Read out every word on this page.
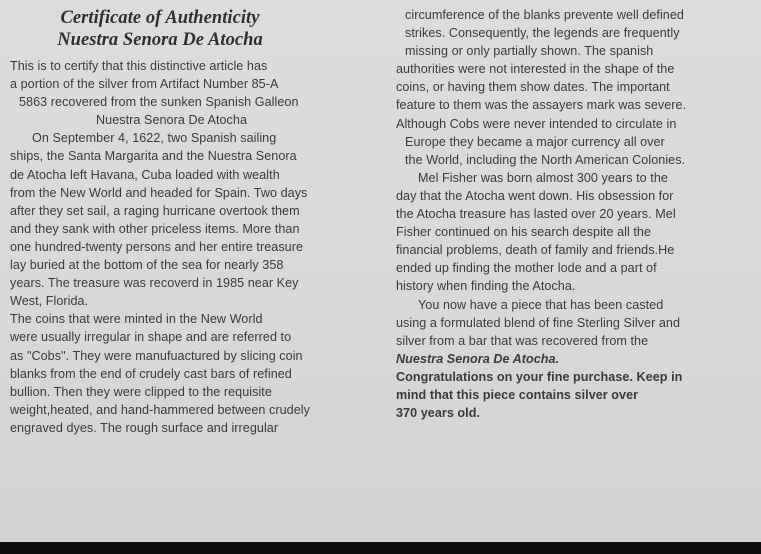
Certificate of Authenticity
Nuestra Senora De Atocha
This is to certify that this distinctive article has
a portion of the silver from Artifact Number 85-A
5863 recovered from the sunken Spanish Galleon
Nuestra Senora De Atocha
On September 4, 1622, two Spanish sailing
ships, the Santa Margarita and the Nuestra Senora
de Atocha left Havana, Cuba loaded with wealth
from the New World and headed for Spain. Two days
after they set sail, a raging hurricane overtook them
and they sank with other priceless items. More than
one hundred-twenty persons and her entire treasure
lay buried at the bottom of the sea for nearly 358
years. The treasure was recoverd in 1985 near Key
West, Florida.
The coins that were minted in the New World
were usually irregular in shape and are referred to
as "Cobs". They were manufuactured by slicing coin
blanks from the end of crudely cast bars of refined
bullion. Then they were clipped to the requisite
weight,heated, and hand-hammered between crudely
engraved dyes. The rough surface and irregular
circumference of the blanks prevente well defined
strikes. Consequently, the legends are frequently
missing or only partially shown. The spanish
authorities were not interested in the shape of the
coins, or having them show dates. The important
feature to them was the assayers mark was severe.
Although Cobs were never intended to circulate in
Europe they became a major currency all over
the World, including the North American Colonies.
Mel Fisher was born almost 300 years to the
day that the Atocha went down. His obsession for
the Atocha treasure has lasted over 20 years. Mel
Fisher continued on his search despite all the
financial problems, death of family and friends.He
ended up finding the mother lode and a part of
history when finding the Atocha.
You now have a piece that has been casted
using a formulated blend of fine Sterling Silver and
silver from a bar that was recovered from the
Nuestra Senora De Atocha.
Congratulations on your fine purchase. Keep in
mind that this piece contains silver over
370 years old.
